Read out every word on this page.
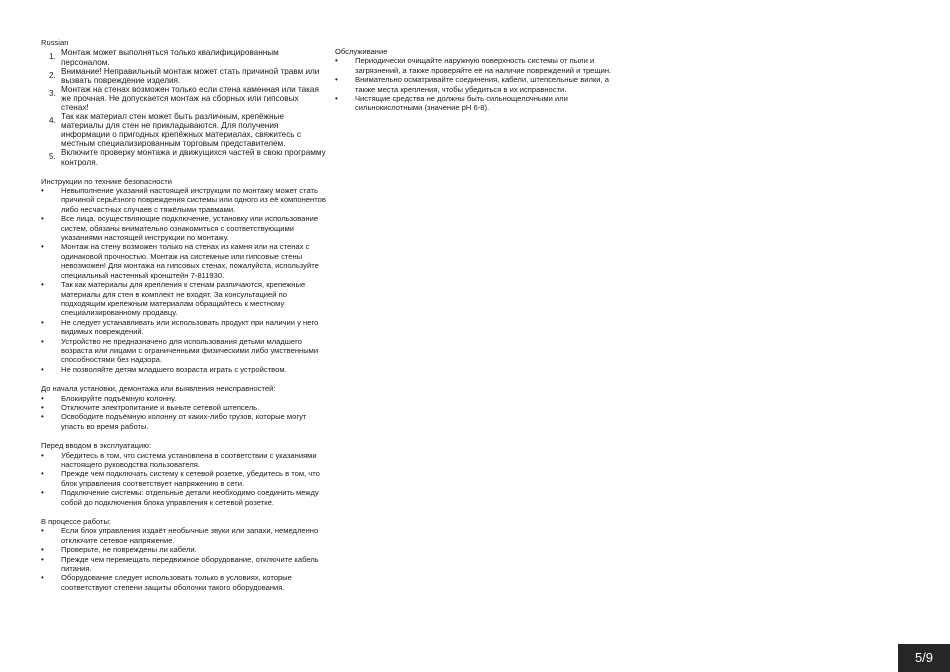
Russian
1. Монтаж может выполняться только квалифицированным персоналом.
2. Внимание! Неправильный монтаж может стать причиной травм или вызвать повреждение изделия.
3. Монтаж на стенах возможен только если стена каменная или такая же прочная. Не допускается монтаж на сборных или гипсовых стенах!
4. Так как материал стен может быть различным, крепёжные материалы для стен не прикладываются. Для получения информации о пригодных крепёжных материалах, свяжитесь с местным специализированным торговым представителем.
5. Включите проверку монтажа и движущихся частей в свою программу контроля.
Инструкции по технике безопасности
• Невыполнение указаний настоящей инструкции по монтажу может стать причиной серьёзного повреждения системы или одного из её компонентов либо несчастных случаев с тяжёлыми травмами.
• Все лица, осуществляющие подключение, установку или использование систем, обязаны внимательно ознакомиться с соответствующими указаниями настоящей инструкции по монтажу.
• Монтаж на стену возможен только на стенах из камня или на стенах с одинаковой прочностью. Монтаж на системные или гипсовые стены невозможен! Для монтажа на гипсовых стенах, пожалуйста, используйте специальный настенный кронштейн 7-811930.
• Так как материалы для крепления к стенам различаются, крепежные материалы для стен в комплект не входят. За консультацией по подходящим крепежным материалам обращайтесь к местному специализированному продавцу.
• Не следует устанавливать или использовать продукт при наличии у него видимых повреждений.
• Устройство не предназначено для использования детьми младшего возраста или лицами с ограниченными физическими либо умственными способностями без надзора.
• Не позволяйте детям младшего возраста играть с устройством.
До начала установки, демонтажа или выявления неисправностей:
• Блокируйте подъёмную колонну.
• Отключите электропитание и выньте сетевой штепсель.
• Освободите подъёмную колонну от каких-либо грузов, которые могут упасть во время работы.
Перед вводом в эксплуатацию:
• Убедитесь в том, что система установлена в соответствии с указаниями настоящего руководства пользователя.
• Прежде чем подключать систему к сетевой розетке, убедитесь в том, что блок управления соответствует напряжению в сети.
• Подключение системы: отдельные детали необходимо соединить между собой до подключения блока управления к сетевой розетке.
В процессе работы:
• Если блок управления издаёт необычные звуки или запахи, немедленно отключите сетевое напряжение.
• Проверьте, не повреждены ли кабели.
• Прежде чем перемещать передвижное оборудование, отключите кабель питания.
• Оборудование следует использовать только в условиях, которые соответствуют степени защиты оболочки такого оборудования.
Обслуживание
• Периодически очищайте наружную поверхность системы от пыли и загрязнений, а также проверяйте её на наличие повреждений и трещин.
• Внимательно осматривайте соединения, кабели, штепсельные вилки, а также места крепления, чтобы убедиться в их исправности.
• Чистящие средства не должны быть сильнощелочными или сильнокислотными (значение pH 6-8).
5/9
